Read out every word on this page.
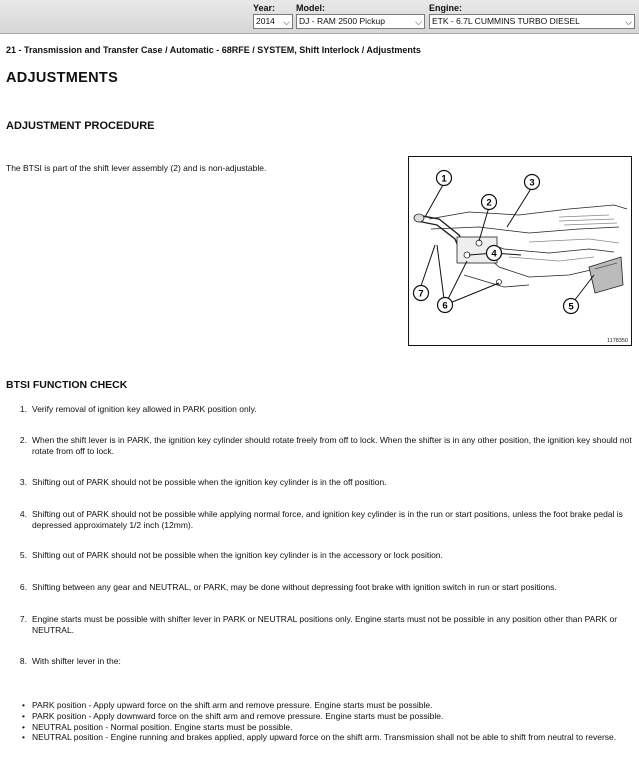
Year:
2014 ⌵
Model:
DJ - RAM 2500 Pickup	⌵
Engine:
ETK - 6.7L CUMMINS TURBO DIESEL	⌵
21 - Transmission and Transfer Case / Automatic - 68RFE / SYSTEM, Shift Interlock / Adjustments
ADJUSTMENTS
ADJUSTMENT PROCEDURE
The BTSI is part of the shift lever assembly (2) and is non-adjustable.
1
2
3
4
5
6
7
1178350
BTSI FUNCTION CHECK
1. Verify removal of ignition key allowed in PARK position only.
2. When the shift lever is in PARK, the ignition key cylinder should rotate freely from off to lock. When the shifter is in any other position, the ignition key should not rotate from off to lock.
3. Shifting out of PARK should not be possible when the ignition key cylinder is in the off position.
4. Shifting out of PARK should not be possible while applying normal force, and ignition key cylinder is in the run or start positions, unless the foot brake pedal is depressed approximately 1/2 inch (12mm).
5. Shifting out of PARK should not be possible when the ignition key cylinder is in the accessory or lock position.
6. Shifting between any gear and NEUTRAL, or PARK, may be done without depressing foot brake with ignition switch in run or start positions.
7. Engine starts must be possible with shifter lever in PARK or NEUTRAL positions only. Engine starts must not be possible in any position other than PARK or NEUTRAL.
8. With shifter lever in the:
• PARK position - Apply upward force on the shift arm and remove pressure. Engine starts must be possible.
• PARK position - Apply downward force on the shift arm and remove pressure. Engine starts must be possible.
• NEUTRAL position - Normal position. Engine starts must be possible.
• NEUTRAL position - Engine running and brakes applied, apply upward force on the shift arm. Transmission shall not be able to shift from neutral to reverse.
